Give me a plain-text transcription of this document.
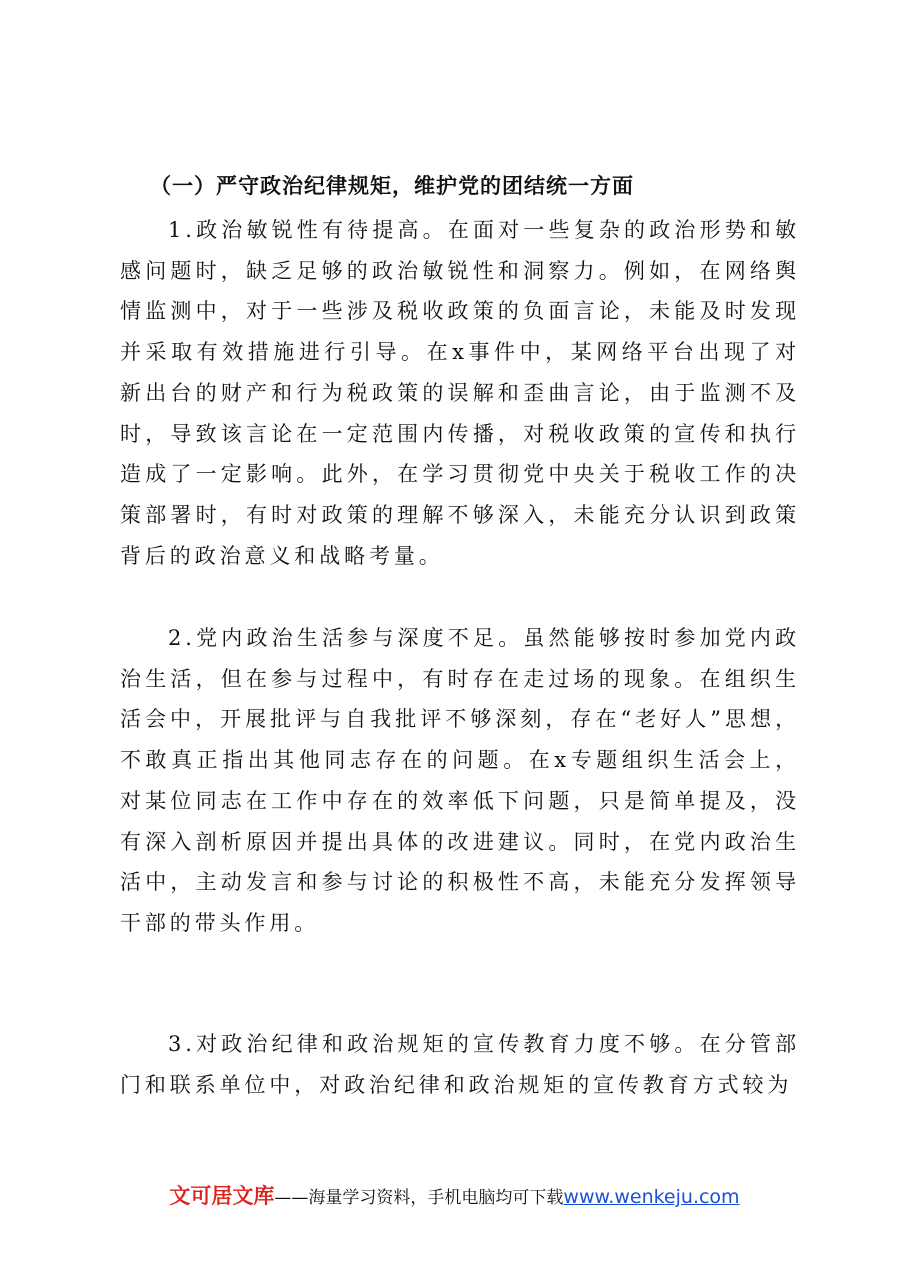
（一）严守政治纪律规矩，维护党的团结统一方面

1.政治敏锐性有待提高。在面对一些复杂的政治形势和敏感问题时，缺乏足够的政治敏锐性和洞察力。例如，在网络舆情监测中，对于一些涉及税收政策的负面言论，未能及时发现并采取有效措施进行引导。在x事件中，某网络平台出现了对新出台的财产和行为税政策的误解和歪曲言论，由于监测不及时，导致该言论在一定范围内传播，对税收政策的宣传和执行造成了一定影响。此外，在学习贯彻党中央关于税收工作的决策部署时，有时对政策的理解不够深入，未能充分认识到政策背后的政治意义和战略考量。

2.党内政治生活参与深度不足。虽然能够按时参加党内政治生活，但在参与过程中，有时存在走过场的现象。在组织生活会中，开展批评与自我批评不够深刻，存在“老好人”思想，不敢真正指出其他同志存在的问题。在x专题组织生活会上，对某位同志在工作中存在的效率低下问题，只是简单提及，没有深入剖析原因并提出具体的改进建议。同时，在党内政治生活中，主动发言和参与讨论的积极性不高，未能充分发挥领导干部的带头作用。

3.对政治纪律和政治规矩的宣传教育力度不够。在分管部门和联系单位中，对政治纪律和政治规矩的宣传教育方式较为

文可居文库——海量学习资料，手机电脑均可下载www.wenkeju.com
